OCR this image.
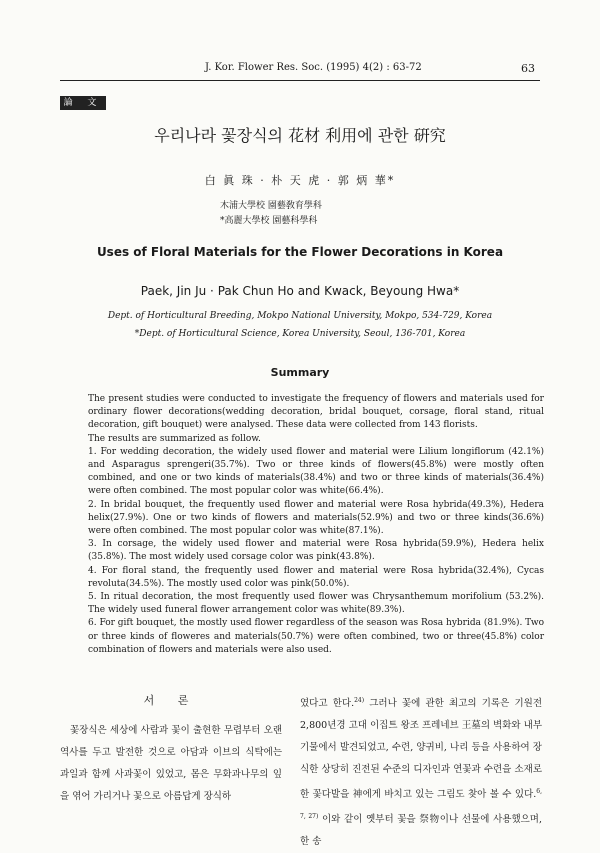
J. Kor. Flower Res. Soc. (1995) 4(2) : 63-72	63
論 文
우리나라 꽃장식의 花材 利用에 관한 硏究
白 眞 珠 · 朴 天 虎 · 郭 炳 華*
木浦大學校 園藝敎育學科
*高麗大學校 園藝科學科
Uses of Floral Materials for the Flower Decorations in Korea
Paek, Jin Ju · Pak Chun Ho and Kwack, Beyoung Hwa*
Dept. of Horticultural Breeding, Mokpo National University, Mokpo, 534-729, Korea
*Dept. of Horticultural Science, Korea University, Seoul, 136-701, Korea
Summary

The present studies were conducted to investigate the frequency of flowers and materials used for ordinary flower decorations(wedding decoration, bridal bouquet, corsage, floral stand, ritual decoration, gift bouquet) were analysed. These data were collected from 143 florists.

The results are summarized as follow.

1. For wedding decoration, the widely used flower and material were Lilium longiflorum (42.1%) and Asparagus sprengeri(35.7%). Two or three kinds of flowers(45.8%) were mostly often combined, and one or two kinds of materials(38.4%) and two or three kinds of materials(36.4%) were often combined. The most popular color was white(66.4%).

2. In bridal bouquet, the frequently used flower and material were Rosa hybrida(49.3%), Hedera helix(27.9%). One or two kinds of flowers and materials(52.9%) and two or three kinds(36.6%) were often combined. The most popular color was white(87.1%).

3. In corsage, the widely used flower and material were Rosa hybrida(59.9%), Hedera helix (35.8%). The most widely used corsage color was pink(43.8%).

4. For floral stand, the frequently used flower and material were Rosa hybrida(32.4%), Cycas revoluta(34.5%). The mostly used color was pink(50.0%).

5. In ritual decoration, the most frequently used flower was Chrysanthemum morifolium (53.2%). The widely used funeral flower arrangement color was white(89.3%).

6. For gift bouquet, the mostly used flower regardless of the season was Rosa hybrida (81.9%). Two or three kinds of floweres and materials(50.7%) were often combined, two or three(45.8%) color combination of flowers and materials were also used.

서 론

꽃장식은 세상에 사람과 꽃이 출현한 무렵부터 오랜 역사를 두고 발전한 것으로 아담과 이브의 식탁에는 과일과 함께 사과꽃이 있었고, 몸은 무화과나무의 잎을 엮어 가리거나 꽃으로 아름답게 장식하

였다고 한다.$^{24)}$ 그러나 꽃에 관한 최고의 기록은 기원전 2,800년경 고대 이집트 왕조 프레네브 王墓의 벽화와 내부 기물에서 발견되었고, 수련, 양귀비, 나리 등을 사용하여 장식한 상당히 진전된 수준의 디자인과 연꽃과 수련을 소재로 한 꽃다발을 神에게 바치고 있는 그림도 찾아 볼 수 있다.$^{6, 7, 27)}$ 이와 같이 옛부터 꽃을 祭物이나 선물에 사용했으며, 한 송
